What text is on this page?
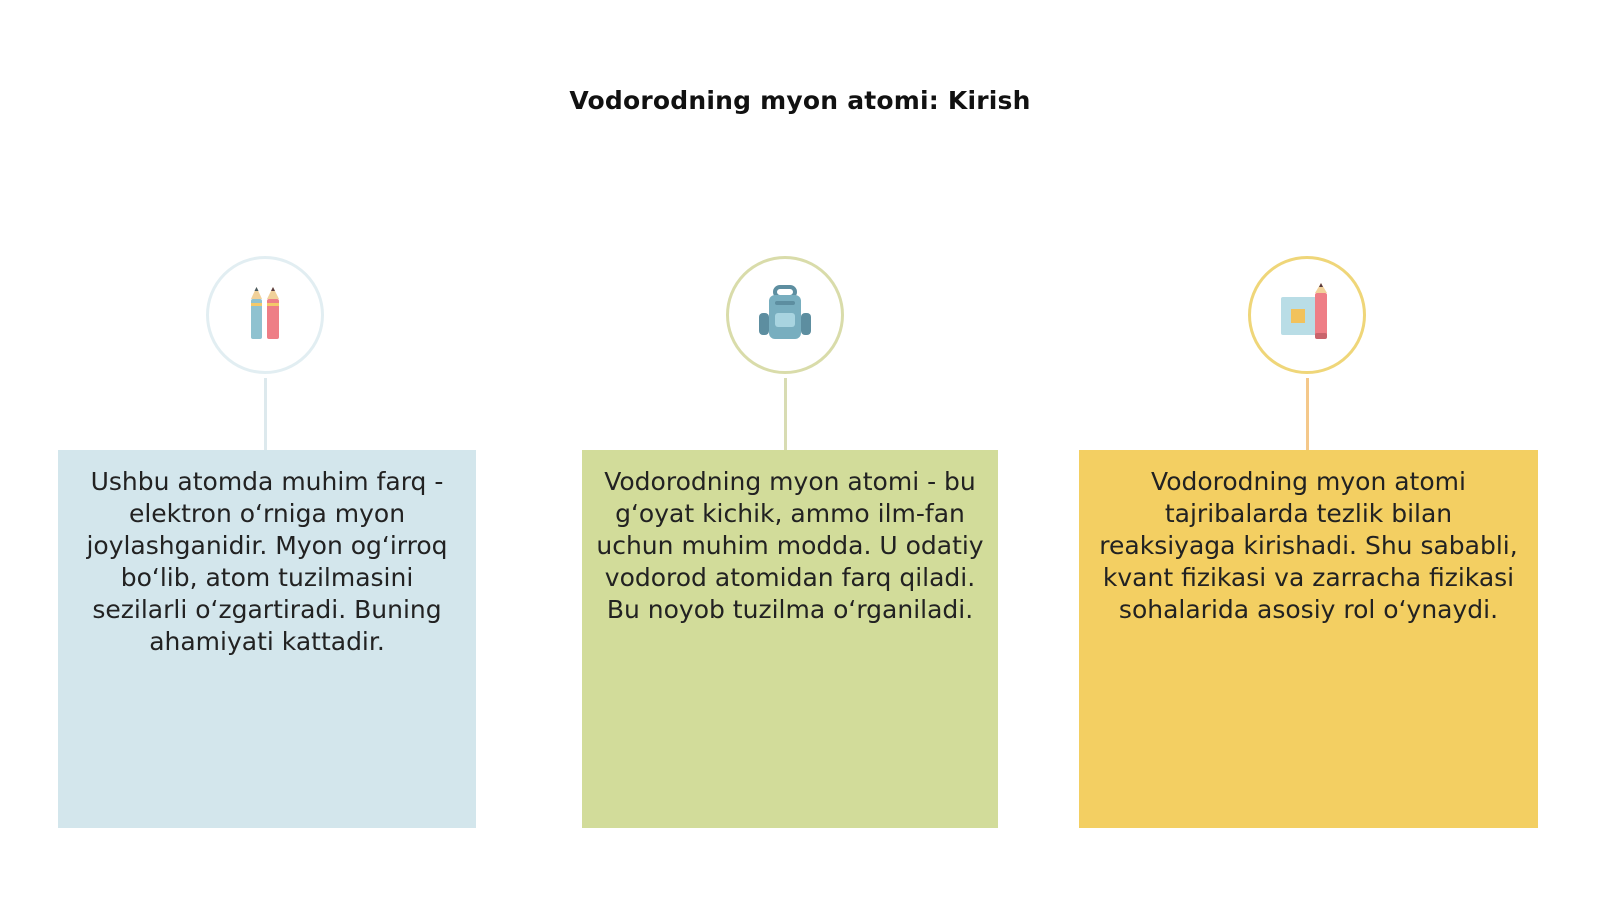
Vodorodning myon atomi: Kirish
Ushbu atomda muhim farq - elektron o‘rniga myon joylashganidir. Myon og‘irroq bo‘lib, atom tuzilmasini sezilarli o‘zgartiradi. Buning ahamiyati kattadir.
Vodorodning myon atomi - bu g‘oyat kichik, ammo ilm-fan uchun muhim modda. U odatiy vodorod atomidan farq qiladi. Bu noyob tuzilma o‘rganiladi.
Vodorodning myon atomi tajribalarda tezlik bilan reaksiyaga kirishadi. Shu sababli, kvant fizikasi va zarracha fizikasi sohalarida asosiy rol o‘ynaydi.
